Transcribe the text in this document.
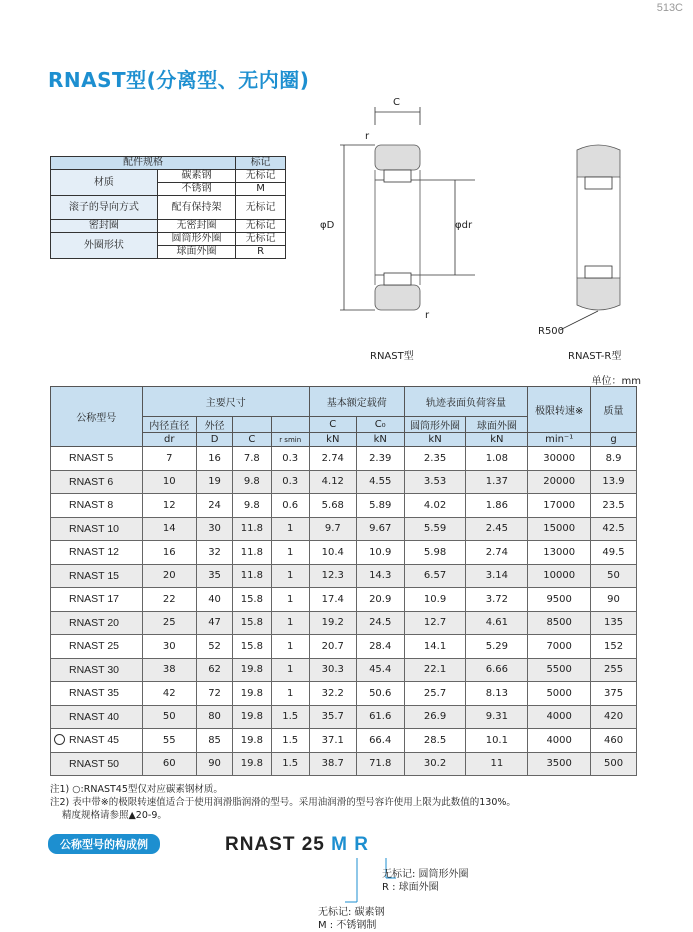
513C
RNAST型(分离型、无内圈)
配件规格		标记
材质	碳素钢	无标记
	不锈钢	M
滚子的导向方式	配有保持架	无标记
密封圈	无密封圈	无标记
外圈形状	圆筒形外圈	无标记
	球面外圈	R
C
r
r
φD	φdr
R500
RNAST型	RNAST-R型
单位：mm
公称型号	主要尺寸				基本额定载荷		轨迹表面负荷容量		极限转速※	质量
	内径直径	外径			C	C₀	圆筒形外圈	球面外圈		
	dr	D	C	r smin	kN	kN	kN	kN	min⁻¹	g
RNAST 5	7	16	7.8	0.3	2.74	2.39	2.35	1.08	30000	8.9
RNAST 6	10	19	9.8	0.3	4.12	4.55	3.53	1.37	20000	13.9
RNAST 8	12	24	9.8	0.6	5.68	5.89	4.02	1.86	17000	23.5
RNAST 10	14	30	11.8	1	9.7	9.67	5.59	2.45	15000	42.5
RNAST 12	16	32	11.8	1	10.4	10.9	5.98	2.74	13000	49.5
RNAST 15	20	35	11.8	1	12.3	14.3	6.57	3.14	10000	50
RNAST 17	22	40	15.8	1	17.4	20.9	10.9	3.72	9500	90
RNAST 20	25	47	15.8	1	19.2	24.5	12.7	4.61	8500	135
RNAST 25	30	52	15.8	1	20.7	28.4	14.1	5.29	7000	152
RNAST 30	38	62	19.8	1	30.3	45.4	22.1	6.66	5500	255
RNAST 35	42	72	19.8	1	32.2	50.6	25.7	8.13	5000	375
RNAST 40	50	80	19.8	1.5	35.7	61.6	26.9	9.31	4000	420

RNAST 45	55	85	19.8	1.5	37.1	66.4	28.5	10.1	4000	460
RNAST 50	60	90	19.8	1.5	38.7	71.8	30.2	11	3500	500
注1) ○:RNAST45型仅对应碳素钢材质。
注2) 表中带※的极限转速值适合于使用润滑脂润滑的型号。采用油润滑的型号容许使用上限为此数值的130%。
精度规格请参照▲20-9。
公称型号的构成例	RNAST 25 M R
无标记: 圆筒形外圈
R : 球面外圈
无标记: 碳素钢
M : 不锈钢制
